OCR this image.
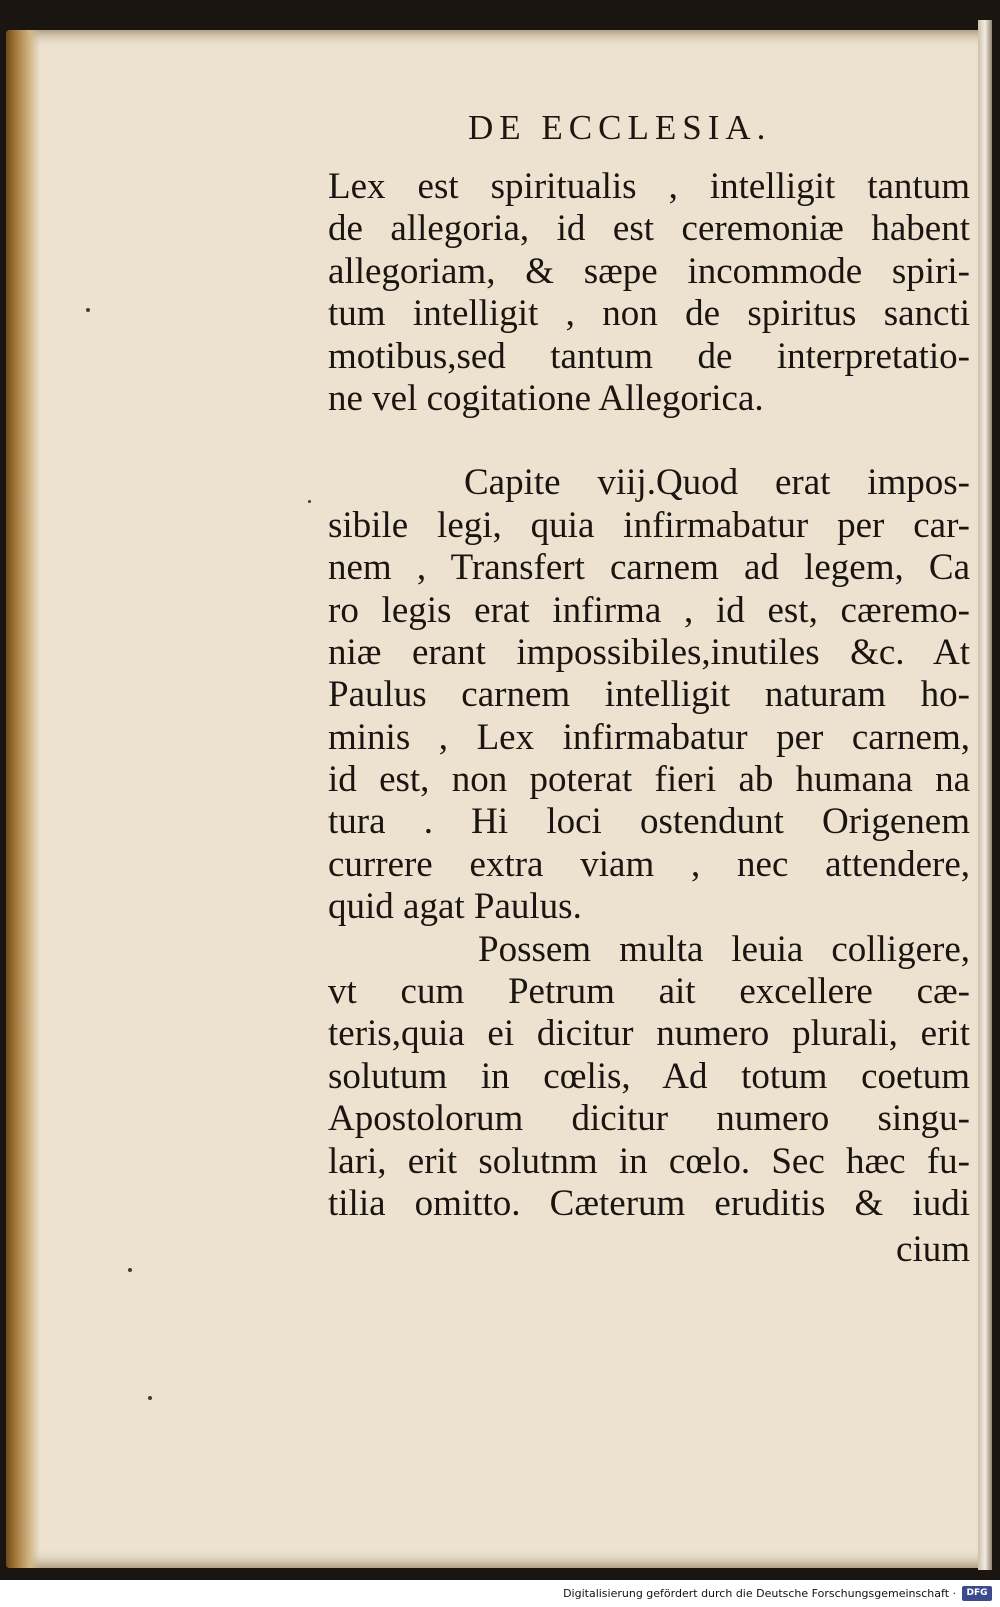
DE ECCLESIA.
Lex est spiritualis , intelligit tantum
de allegoria, id est ceremoniæ habent
allegoriam, & sæpe incommode spiri-
tum intelligit , non de spiritus sancti
motibus,sed tantum de interpretatio-
ne vel cogitatione Allegorica.
Capite viij.Quod erat impos-
sibile legi, quia infirmabatur per car-
nem , Transfert carnem ad legem, Ca
ro legis erat infirma , id est, cæremo-
niæ erant impossibiles,inutiles &c. At
Paulus carnem intelligit naturam ho-
minis , Lex infirmabatur per carnem,
id est, non poterat fieri ab humana na
tura . Hi loci ostendunt Origenem
currere extra viam , nec attendere,
quid agat Paulus.
Possem multa leuia colligere,
vt cum Petrum ait excellere cæ-
teris,quia ei dicitur numero plurali, erit
solutum in cœlis, Ad totum coetum
Apostolorum dicitur numero singu-
lari, erit solutnm in cœlo. Sec hæc fu-
tilia omitto. Cæterum eruditis & iudi
cium
Digitalisierung gefördert durch die Deutsche Forschungsgemeinschaft ·	DFG
